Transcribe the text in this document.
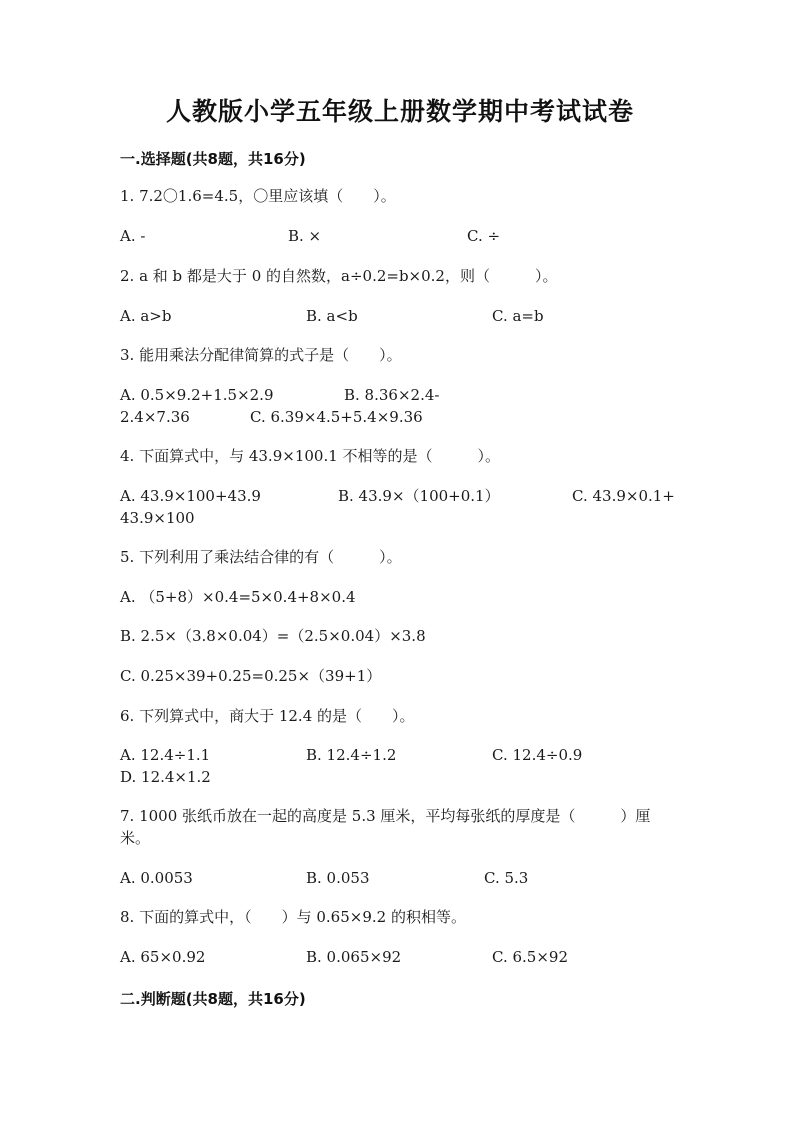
人教版小学五年级上册数学期中考试试卷
一.选择题(共8题，共16分)
1. 7.2〇1.6=4.5，〇里应该填（　　）。
A. -	B. ×	C. ÷
2. a 和 b 都是大于 0 的自然数，a÷0.2=b×0.2，则（　　　）。
A. a>b	B. a<b	C. a=b
3. 能用乘法分配律简算的式子是（　　）。
A. 0.5×9.2+1.5×2.9	B. 8.36×2.4-
2.4×7.36	C. 6.39×4.5+5.4×9.36
4. 下面算式中，与 43.9×100.1 不相等的是（　　　）。
A. 43.9×100+43.9	B. 43.9×（100+0.1）	C. 43.9×0.1+
43.9×100
5. 下列利用了乘法结合律的有（　　　）。
A. （5+8）×0.4=5×0.4+8×0.4
B. 2.5×（3.8×0.04）=（2.5×0.04）×3.8
C. 0.25×39+0.25=0.25×（39+1）
6. 下列算式中，商大于 12.4 的是（　　）。
A. 12.4÷1.1	B. 12.4÷1.2	C. 12.4÷0.9
D. 12.4×1.2
7. 1000 张纸币放在一起的高度是 5.3 厘米，平均每张纸的厚度是（　　　）厘
米。
A. 0.0053	B. 0.053	C. 5.3
8. 下面的算式中，（　　）与 0.65×9.2 的积相等。
A. 65×0.92	B. 0.065×92	C. 6.5×92
二.判断题(共8题，共16分)
